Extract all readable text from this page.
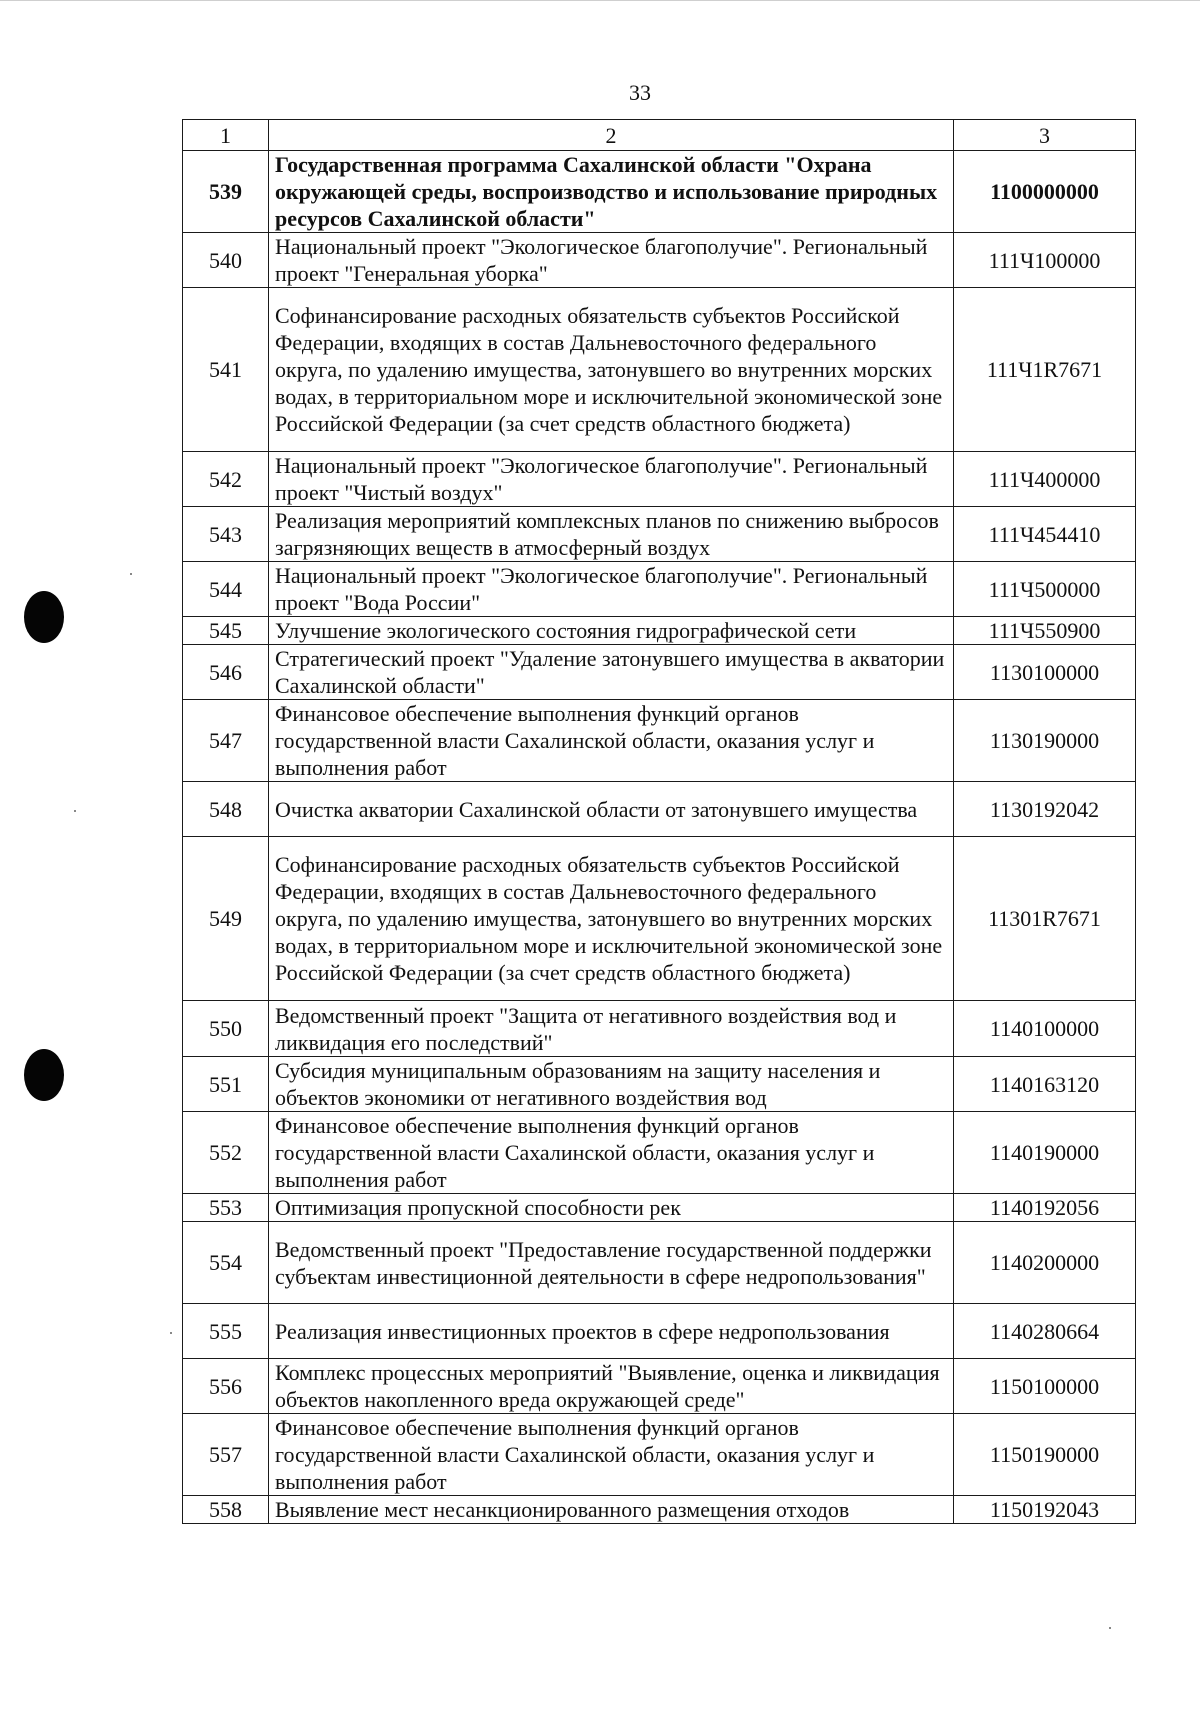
33
1	2	3
539	Государственная программа Сахалинской области "Охрана окружающей среды, воспроизводство и использование природных ресурсов Сахалинской области"	1100000000
540	Национальный проект "Экологическое благополучие". Региональный проект "Генеральная уборка"	111Ч100000
541	Софинансирование расходных обязательств субъектов Российской Федерации, входящих в состав Дальневосточного федерального округа, по удалению имущества, затонувшего во внутренних морских водах, в территориальном море и исключительной экономической зоне Российской Федерации (за счет средств областного бюджета)	111Ч1R7671
542	Национальный проект "Экологическое благополучие". Региональный проект "Чистый воздух"	111Ч400000
543	Реализация мероприятий комплексных планов по снижению выбросов загрязняющих веществ в атмосферный воздух	111Ч454410
544	Национальный проект "Экологическое благополучие". Региональный проект "Вода России"	111Ч500000
545	Улучшение экологического состояния гидрографической сети	111Ч550900
546	Стратегический проект "Удаление затонувшего имущества в акватории Сахалинской области"	1130100000
547	Финансовое обеспечение выполнения функций органов государственной власти Сахалинской области, оказания услуг и выполнения работ	1130190000
548	Очистка акватории Сахалинской области от затонувшего имущества	1130192042
549	Софинансирование расходных обязательств субъектов Российской Федерации, входящих в состав Дальневосточного федерального округа, по удалению имущества, затонувшего во внутренних морских водах, в территориальном море и исключительной экономической зоне Российской Федерации (за счет средств областного бюджета)	11301R7671
550	Ведомственный проект "Защита от негативного воздействия вод и ликвидация его последствий"	1140100000
551	Субсидия муниципальным образованиям на защиту населения и объектов экономики от негативного воздействия вод	1140163120
552	Финансовое обеспечение выполнения функций органов государственной власти Сахалинской области, оказания услуг и выполнения работ	1140190000
553	Оптимизация пропускной способности рек	1140192056
554	Ведомственный проект "Предоставление государственной поддержки субъектам инвестиционной деятельности в сфере недропользования"	1140200000
555	Реализация инвестиционных проектов в сфере недропользования	1140280664
556	Комплекс процессных мероприятий "Выявление, оценка и ликвидация объектов накопленного вреда окружающей среде"	1150100000
557	Финансовое обеспечение выполнения функций органов государственной власти Сахалинской области, оказания услуг и выполнения работ	1150190000
558	Выявление мест несанкционированного размещения отходов	1150192043
